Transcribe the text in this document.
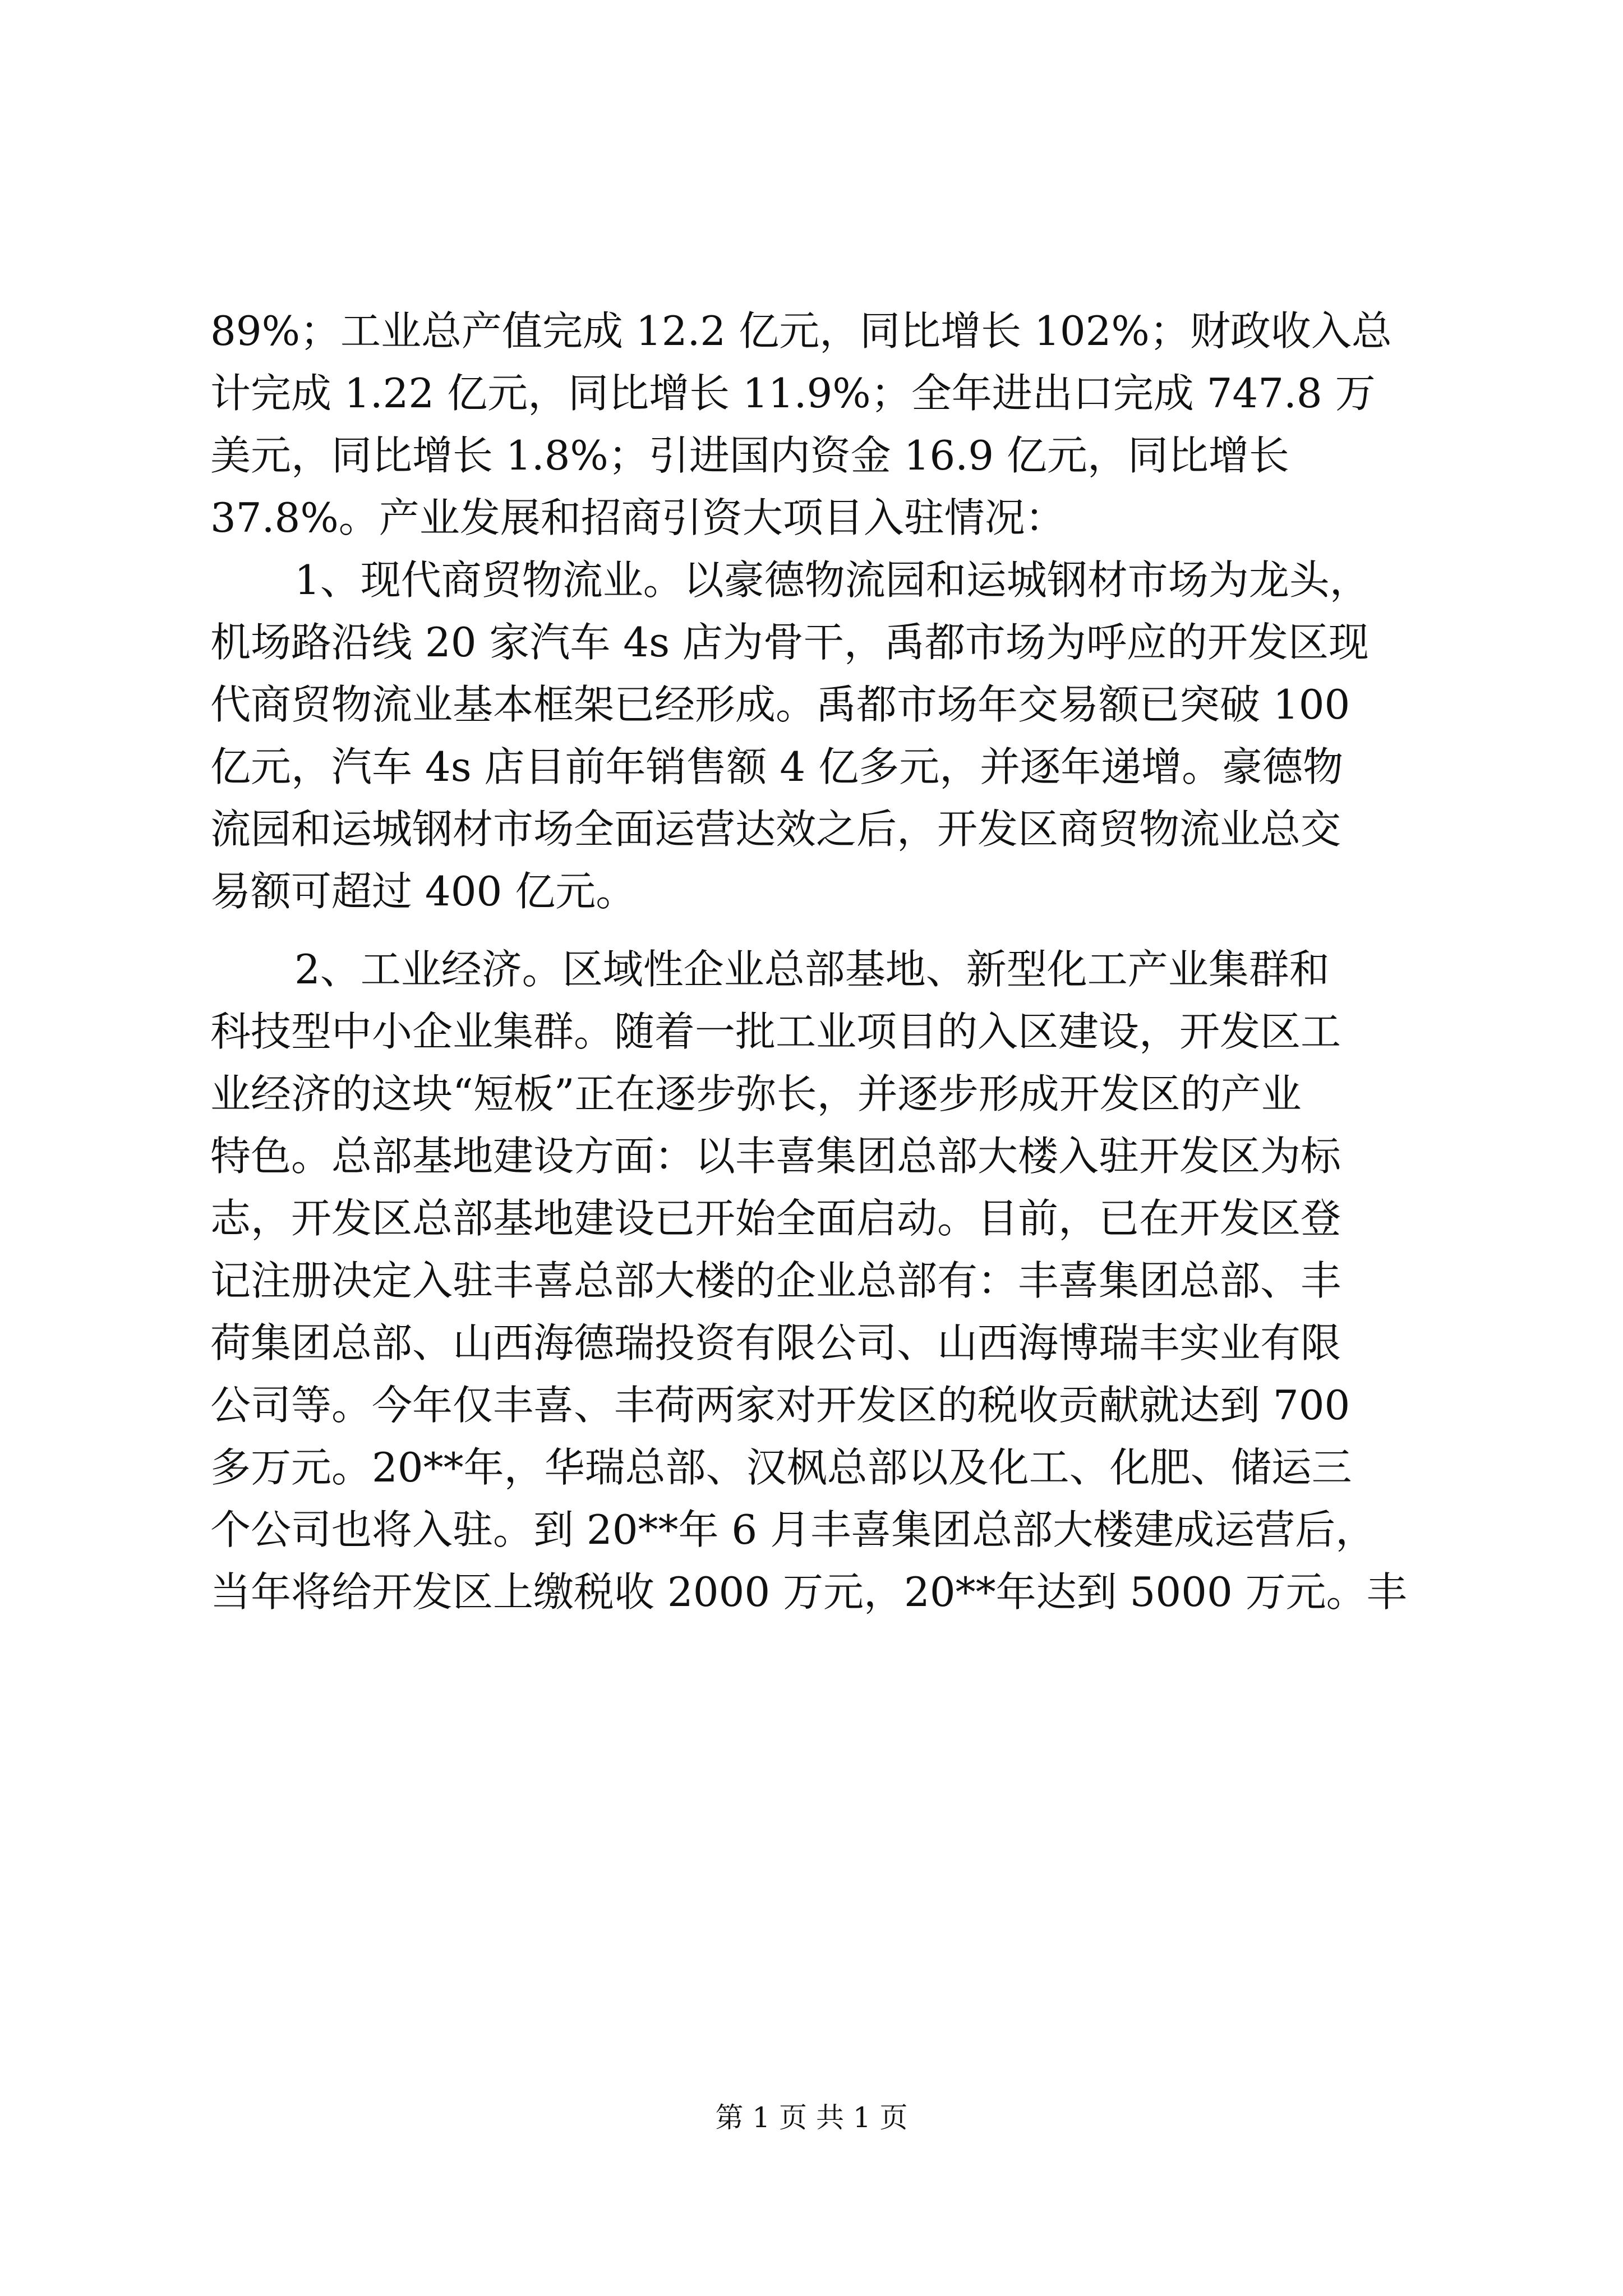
89%；工业总产值完成 12.2 亿元，同比增长 102%；财政收入总
计完成 1.22 亿元，同比增长 11.9%；全年进出口完成 747.8 万
美元，同比增长 1.8%；引进国内资金 16.9 亿元，同比增长
37.8%。产业发展和招商引资大项目入驻情况：
1、现代商贸物流业。以豪德物流园和运城钢材市场为龙头，
机场路沿线 20 家汽车 4s 店为骨干，禹都市场为呼应的开发区现
代商贸物流业基本框架已经形成。禹都市场年交易额已突破 100
亿元，汽车 4s 店目前年销售额 4 亿多元，并逐年递增。豪德物
流园和运城钢材市场全面运营达效之后，开发区商贸物流业总交
易额可超过 400 亿元。
2、工业经济。区域性企业总部基地、新型化工产业集群和
科技型中小企业集群。随着一批工业项目的入区建设，开发区工
业经济的这块“短板”正在逐步弥长，并逐步形成开发区的产业
特色。总部基地建设方面：以丰喜集团总部大楼入驻开发区为标
志，开发区总部基地建设已开始全面启动。目前，已在开发区登
记注册决定入驻丰喜总部大楼的企业总部有：丰喜集团总部、丰
荷集团总部、山西海德瑞投资有限公司、山西海博瑞丰实业有限
公司等。今年仅丰喜、丰荷两家对开发区的税收贡献就达到 700
多万元。20**年，华瑞总部、汉枫总部以及化工、化肥、储运三
个公司也将入驻。到 20**年 6 月丰喜集团总部大楼建成运营后，
当年将给开发区上缴税收 2000 万元，20**年达到 5000 万元。丰
第 1 页 共 1 页
